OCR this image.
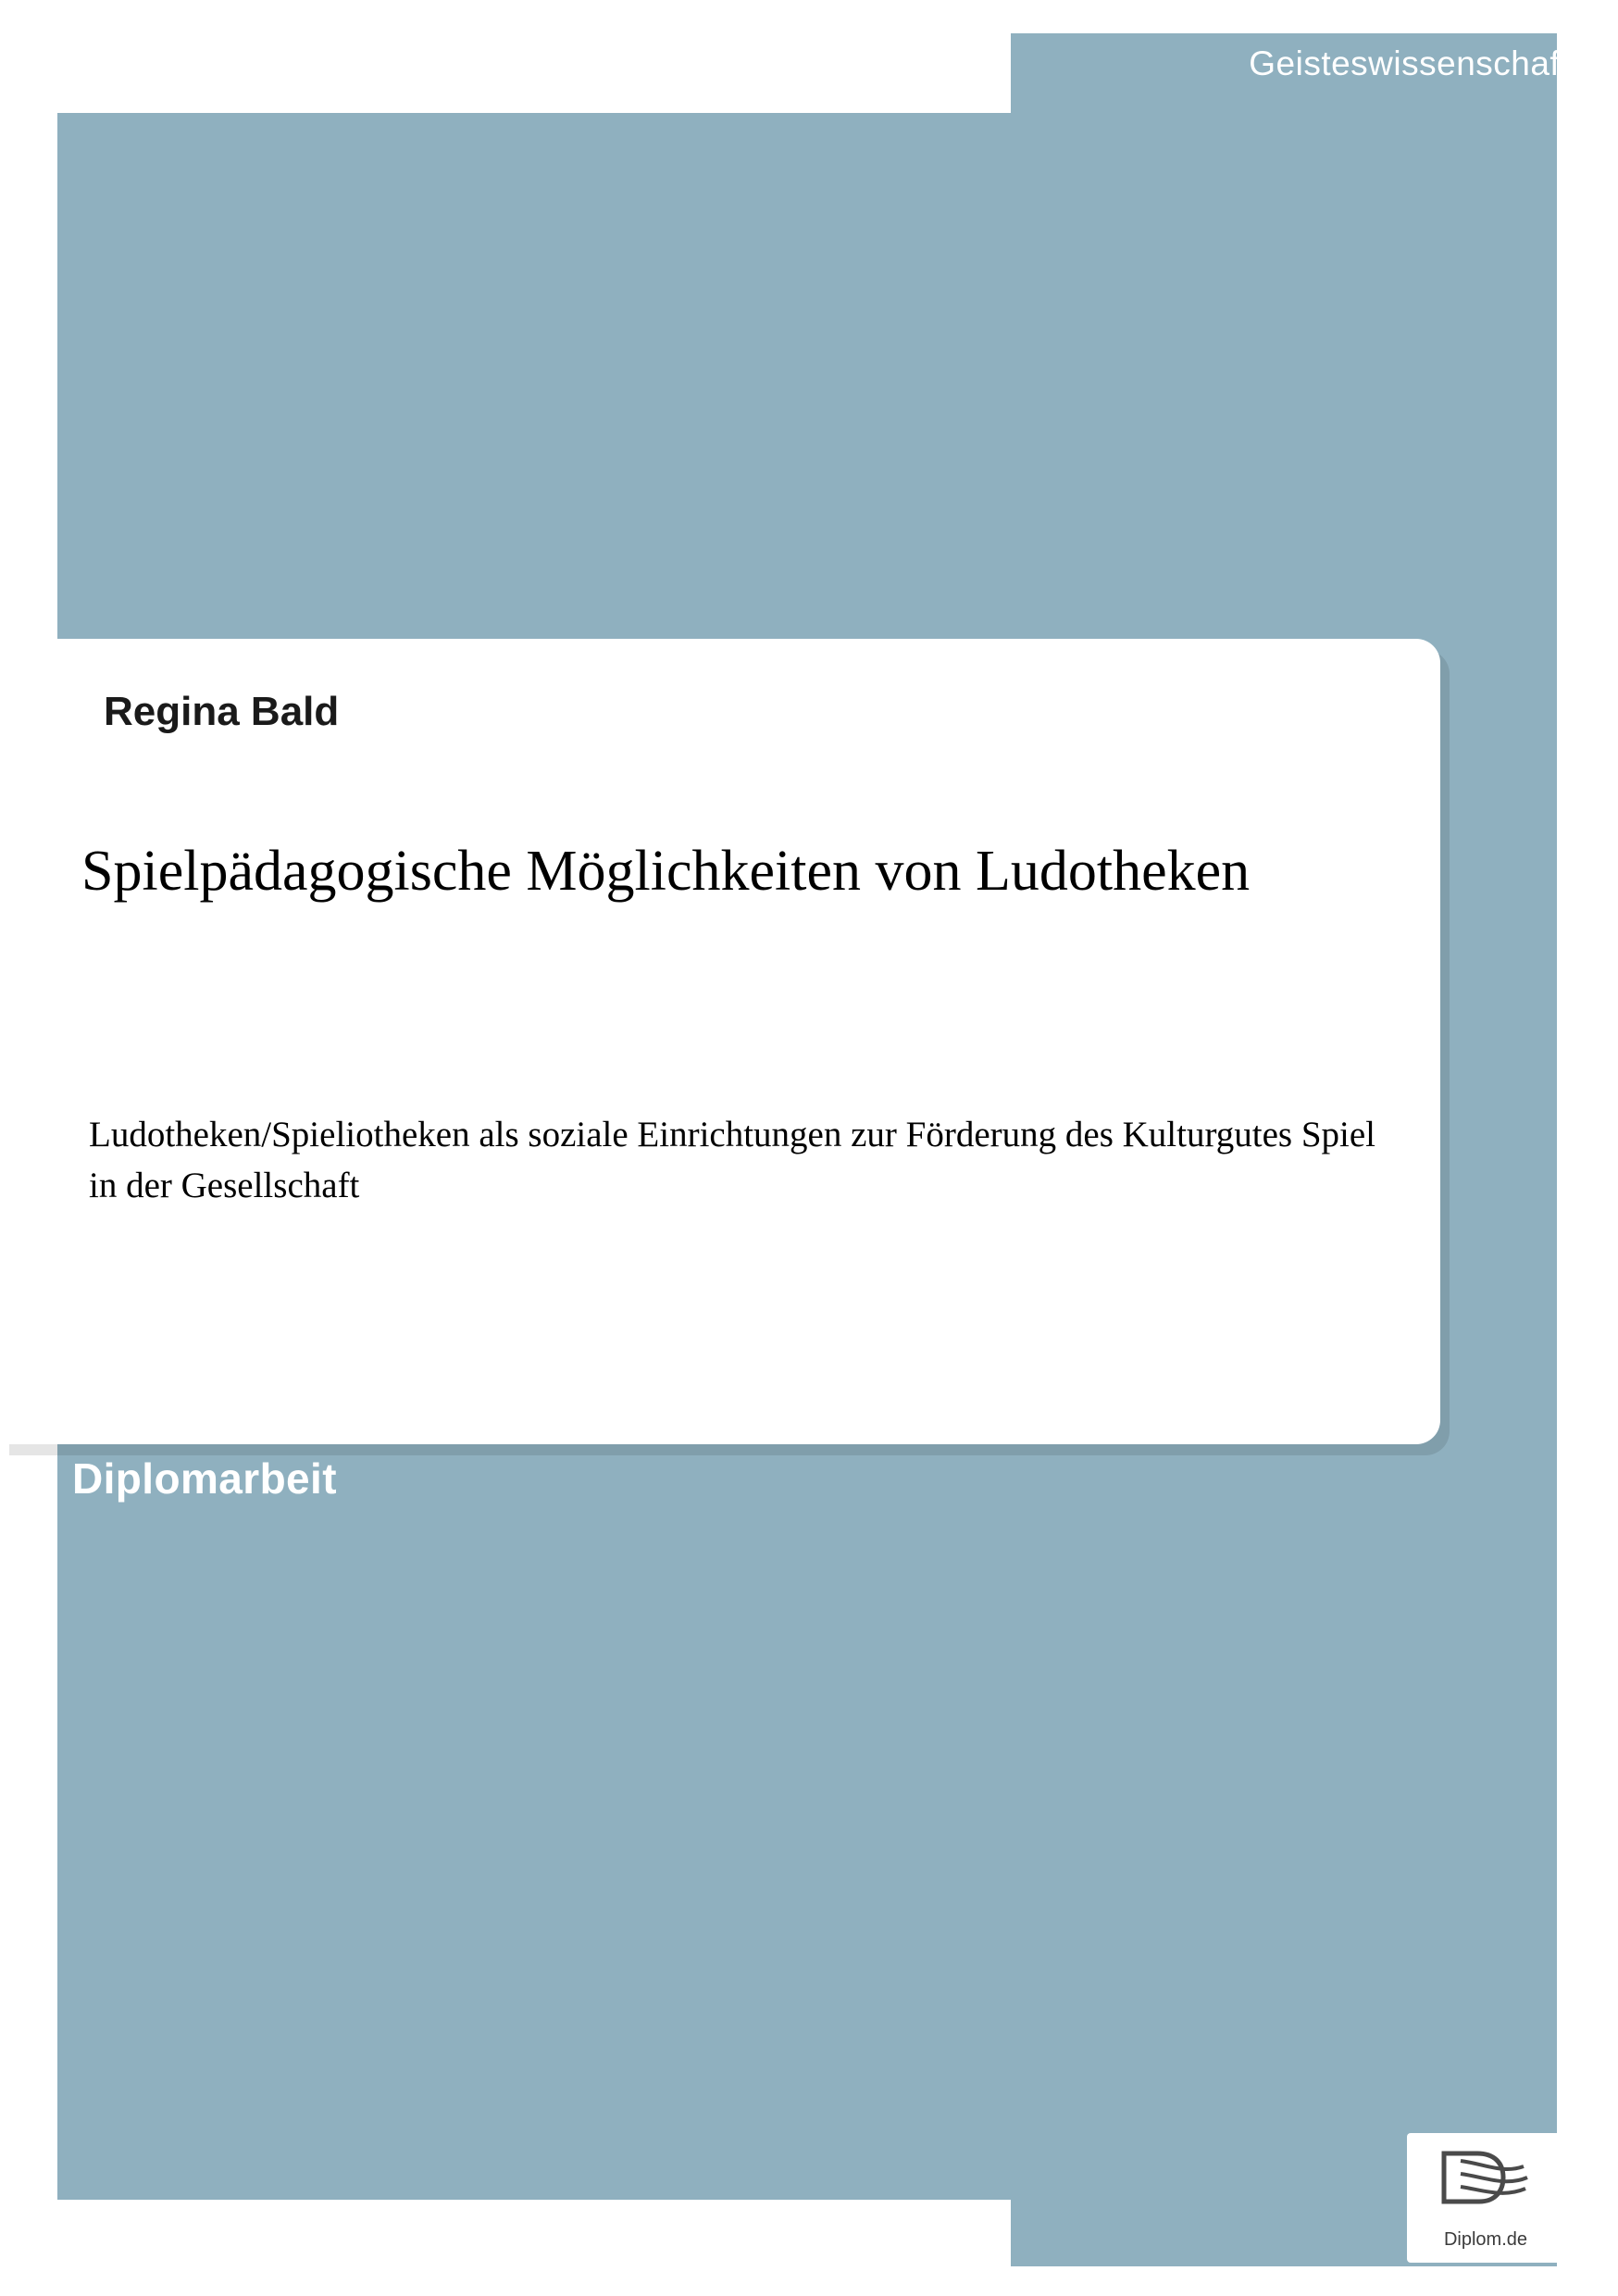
Geisteswissenschaft
Regina Bald
Spielpädagogische Möglichkeiten von Ludotheken
Ludotheken/Spieliotheken als soziale Einrichtungen zur Förderung des Kulturgutes Spiel in der Gesellschaft
Diplomarbeit
Diplom.de
